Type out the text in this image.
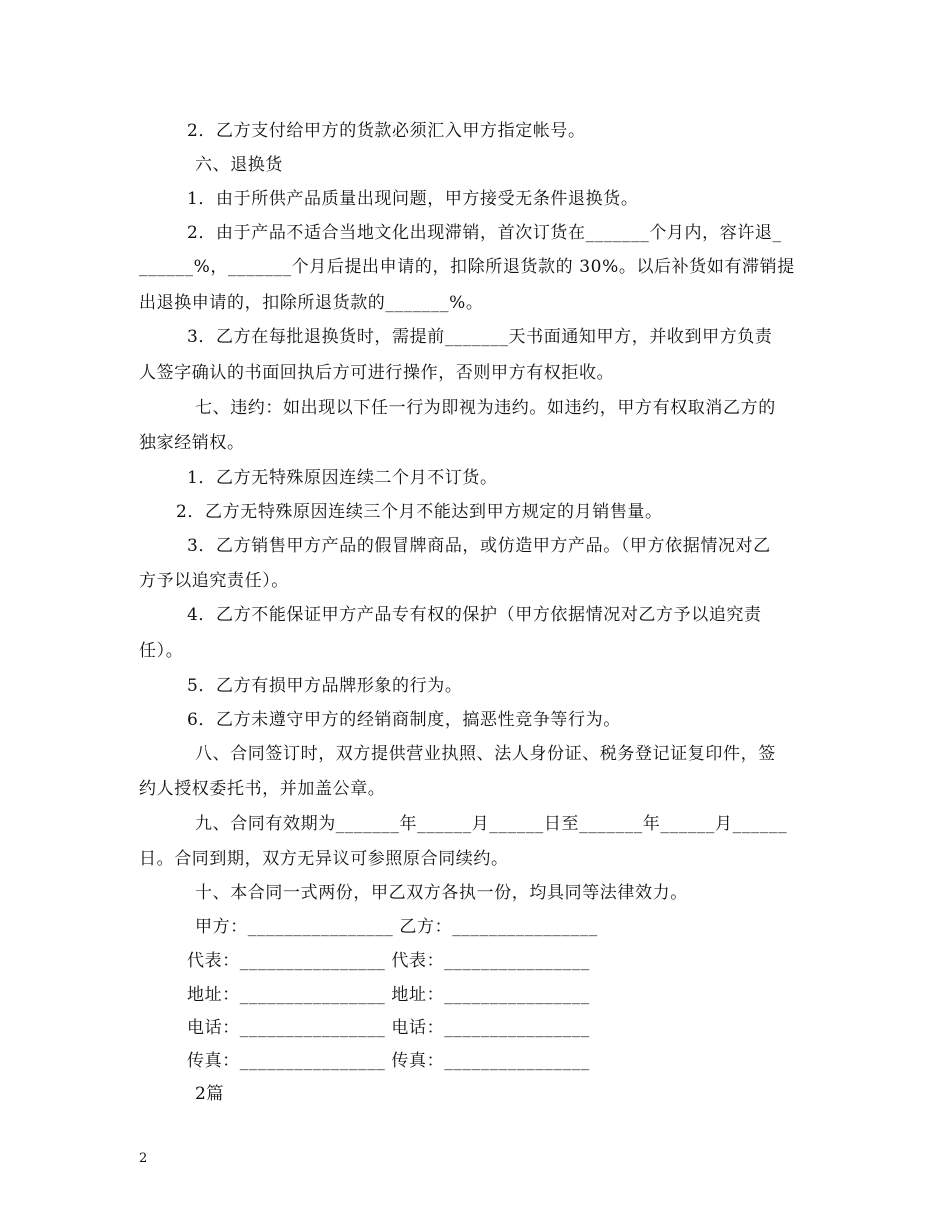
2．乙方支付给甲方的货款必须汇入甲方指定帐号。
六、退换货
1．由于所供产品质量出现问题，甲方接受无条件退换货。
2．由于产品不适合当地文化出现滞销，首次订货在_______个月内，容许退_
______%，_______个月后提出申请的，扣除所退货款的 30%。以后补货如有滞销提
出退换申请的，扣除所退货款的_______%。
3．乙方在每批退换货时，需提前_______天书面通知甲方，并收到甲方负责
人签字确认的书面回执后方可进行操作，否则甲方有权拒收。
七、违约：如出现以下任一行为即视为违约。如违约，甲方有权取消乙方的
独家经销权。
1．乙方无特殊原因连续二个月不订货。
2．乙方无特殊原因连续三个月不能达到甲方规定的月销售量。
3．乙方销售甲方产品的假冒牌商品，或仿造甲方产品。（甲方依据情况对乙
方予以追究责任）。
4．乙方不能保证甲方产品专有权的保护（甲方依据情况对乙方予以追究责
任）。
5．乙方有损甲方品牌形象的行为。
6．乙方未遵守甲方的经销商制度，搞恶性竞争等行为。
八、合同签订时，双方提供营业执照、法人身份证、税务登记证复印件，签
约人授权委托书，并加盖公章。
九、合同有效期为_______年______月______日至_______年______月______
日。合同到期，双方无异议可参照原合同续约。
十、本合同一式两份，甲乙双方各执一份，均具同等法律效力。
甲方：________________ 乙方：________________
代表：________________ 代表：________________
地址：________________ 地址：________________
电话：________________ 电话：________________
传真：________________ 传真：________________
2篇
2
